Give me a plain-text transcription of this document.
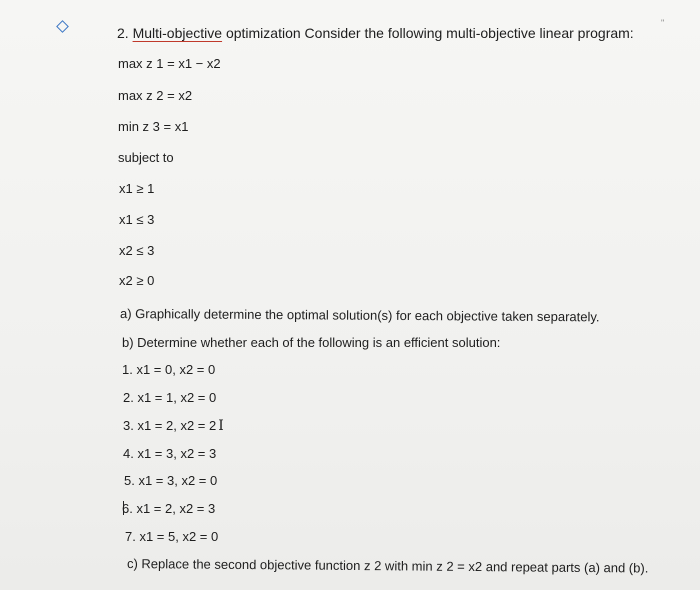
"
2. Multi-objective optimization Consider the following multi-objective linear program:
max z 1 = x1 − x2
max z 2 = x2
min z 3 = x1
subject to
x1 ≥ 1
x1 ≤ 3
x2 ≤ 3
x2 ≥ 0
a) Graphically determine the optimal solution(s) for each objective taken separately.
b) Determine whether each of the following is an efficient solution:
1. x1 = 0, x2 = 0
2. x1 = 1, x2 = 0
3. x1 = 2, x2 = 2 I
4. x1 = 3, x2 = 3
5. x1 = 3, x2 = 0
6. x1 = 2, x2 = 3
7. x1 = 5, x2 = 0
c) Replace the second objective function z 2 with min z 2 = x2 and repeat parts (a) and (b).
